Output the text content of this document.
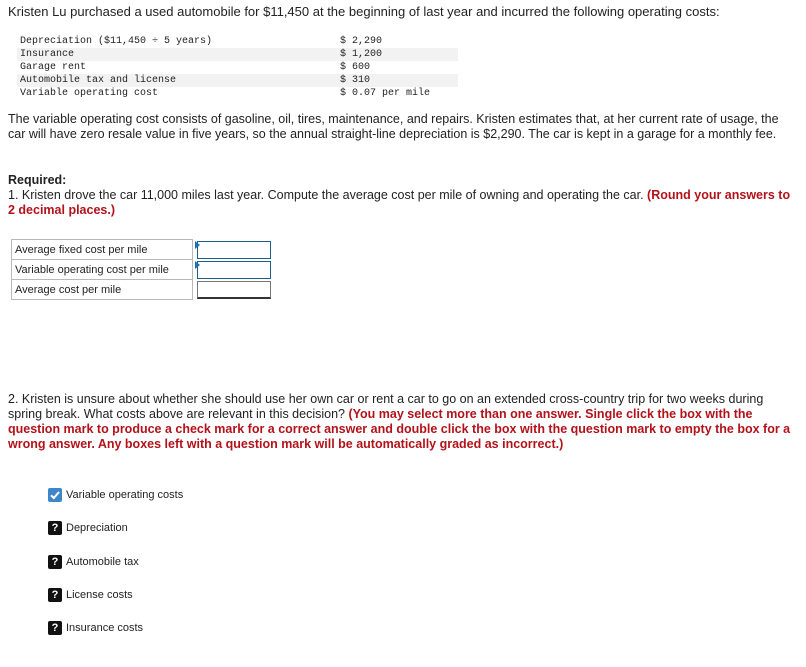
Kristen Lu purchased a used automobile for $11,450 at the beginning of last year and incurred the following operating costs:
Depreciation ($11,450 ÷ 5 years)	$ 2,290
Insurance	$ 1,200
Garage rent	$ 600
Automobile tax and license	$ 310
Variable operating cost	$ 0.07 per mile
The variable operating cost consists of gasoline, oil, tires, maintenance, and repairs. Kristen estimates that, at her current rate of usage, the car will have zero resale value in five years, so the annual straight-line depreciation is $2,290. The car is kept in a garage for a monthly fee.
Required:
1. Kristen drove the car 11,000 miles last year. Compute the average cost per mile of owning and operating the car. (Round your answers to 2 decimal places.)
Average fixed cost per mile	

Variable operating cost per mile	

Average cost per mile	
2. Kristen is unsure about whether she should use her own car or rent a car to go on an extended cross-country trip for two weeks during spring break. What costs above are relevant in this decision? (You may select more than one answer. Single click the box with the question mark to produce a check mark for a correct answer and double click the box with the question mark to empty the box for a wrong answer. Any boxes left with a question mark will be automatically graded as incorrect.)
Variable operating costs
? Depreciation
? Automobile tax
? License costs
? Insurance costs
